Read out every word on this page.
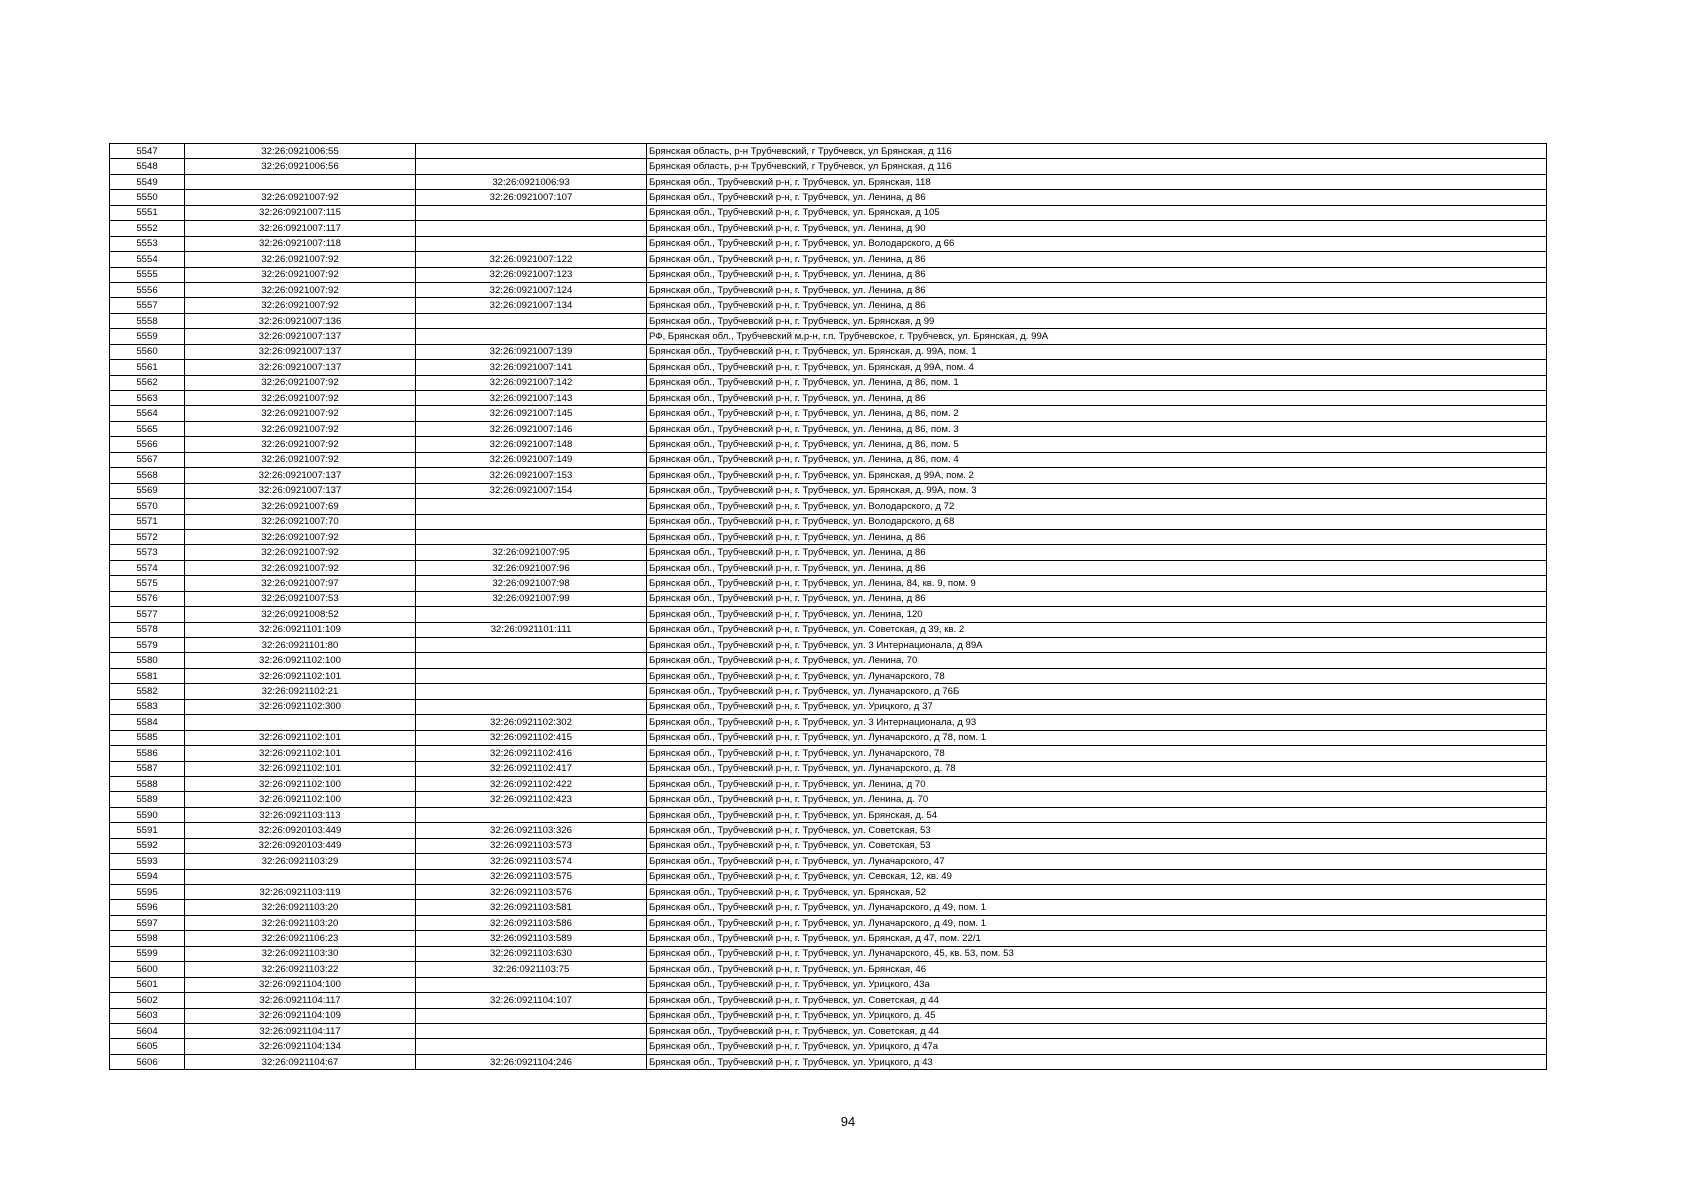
5547	32:26:0921006:55		Брянская область, р-н Трубчевский, г Трубчевск, ул Брянская, д 116
5548	32:26:0921006:56		Брянская область, р-н Трубчевский, г Трубчевск, ул Брянская, д 116
5549		32:26:0921006:93	Брянская обл., Трубчевский р-н, г. Трубчевск, ул. Брянская, 118
5550	32:26:0921007:92	32:26:0921007:107	Брянская обл., Трубчевский р-н, г. Трубчевск, ул. Ленина, д 86
5551	32:26:0921007:115		Брянская обл., Трубчевский р-н, г. Трубчевск, ул. Брянская, д 105
5552	32:26:0921007:117		Брянская обл., Трубчевский р-н, г. Трубчевск, ул. Ленина, д 90
5553	32:26:0921007:118		Брянская обл., Трубчевский р-н, г. Трубчевск, ул. Володарского, д 66
5554	32:26:0921007:92	32:26:0921007:122	Брянская обл., Трубчевский р-н, г. Трубчевск, ул. Ленина, д 86
5555	32:26:0921007:92	32:26:0921007:123	Брянская обл., Трубчевский р-н, г. Трубчевск, ул. Ленина, д 86
5556	32:26:0921007:92	32:26:0921007:124	Брянская обл., Трубчевский р-н, г. Трубчевск, ул. Ленина, д 86
5557	32:26:0921007:92	32:26:0921007:134	Брянская обл., Трубчевский р-н, г. Трубчевск, ул. Ленина, д 86
5558	32:26:0921007:136		Брянская обл., Трубчевский р-н, г. Трубчевск, ул. Брянская, д 99
5559	32:26:0921007:137		РФ, Брянская обл., Трубчевский м.р-н, г.п. Трубчевское, г. Трубчевск, ул. Брянская, д. 99А
5560	32:26:0921007:137	32:26:0921007:139	Брянская обл., Трубчевский р-н, г. Трубчевск, ул. Брянская, д. 99А, пом. 1
5561	32:26:0921007:137	32:26:0921007:141	Брянская обл., Трубчевский р-н, г. Трубчевск, ул. Брянская, д 99А, пом. 4
5562	32:26:0921007:92	32:26:0921007:142	Брянская обл., Трубчевский р-н, г. Трубчевск, ул. Ленина, д 86, пом. 1
5563	32:26:0921007:92	32:26:0921007:143	Брянская обл., Трубчевский р-н, г. Трубчевск, ул. Ленина, д 86
5564	32:26:0921007:92	32:26:0921007:145	Брянская обл., Трубчевский р-н, г. Трубчевск, ул. Ленина, д 86, пом. 2
5565	32:26:0921007:92	32:26:0921007:146	Брянская обл., Трубчевский р-н, г. Трубчевск, ул. Ленина, д 86, пом. 3
5566	32:26:0921007:92	32:26:0921007:148	Брянская обл., Трубчевский р-н, г. Трубчевск, ул. Ленина, д 86, пом. 5
5567	32:26:0921007:92	32:26:0921007:149	Брянская обл., Трубчевский р-н, г. Трубчевск, ул. Ленина, д 86, пом. 4
5568	32:26:0921007:137	32:26:0921007:153	Брянская обл., Трубчевский р-н, г. Трубчевск, ул. Брянская, д 99А, пом. 2
5569	32:26:0921007:137	32:26:0921007:154	Брянская обл., Трубчевский р-н, г. Трубчевск, ул. Брянская, д. 99А, пом. 3
5570	32:26:0921007:69		Брянская обл., Трубчевский р-н, г. Трубчевск, ул. Володарского, д 72
5571	32:26:0921007:70		Брянская обл., Трубчевский р-н, г. Трубчевск, ул. Володарского, д 68
5572	32:26:0921007:92		Брянская обл., Трубчевский р-н, г. Трубчевск, ул. Ленина, д 86
5573	32:26:0921007:92	32:26:0921007:95	Брянская обл., Трубчевский р-н, г. Трубчевск, ул. Ленина, д 86
5574	32:26:0921007:92	32:26:0921007:96	Брянская обл., Трубчевский р-н, г. Трубчевск, ул. Ленина, д 86
5575	32:26:0921007:97	32:26:0921007:98	Брянская обл., Трубчевский р-н, г. Трубчевск, ул. Ленина, 84, кв. 9, пом. 9
5576	32:26:0921007:53	32:26:0921007:99	Брянская обл., Трубчевский р-н, г. Трубчевск, ул. Ленина, д 86
5577	32:26:0921008:52		Брянская обл., Трубчевский р-н, г. Трубчевск, ул. Ленина, 120
5578	32:26:0921101:109	32:26:0921101:111	Брянская обл., Трубчевский р-н, г. Трубчевск, ул. Советская, д 39, кв. 2
5579	32:26:0921101:80		Брянская обл., Трубчевский р-н, г. Трубчевск, ул. 3 Интернационала, д 89А
5580	32:26:0921102:100		Брянская обл., Трубчевский р-н, г. Трубчевск, ул. Ленина, 70
5581	32:26:0921102:101		Брянская обл., Трубчевский р-н, г. Трубчевск, ул. Луначарского, 78
5582	32:26:0921102:21		Брянская обл., Трубчевский р-н, г. Трубчевск, ул. Луначарского, д 76Б
5583	32:26:0921102:300		Брянская обл., Трубчевский р-н, г. Трубчевск, ул. Урицкого, д 37
5584		32:26:0921102:302	Брянская обл., Трубчевский р-н, г. Трубчевск, ул. 3 Интернационала, д 93
5585	32:26:0921102:101	32:26:0921102:415	Брянская обл., Трубчевский р-н, г. Трубчевск, ул. Луначарского, д 78, пом. 1
5586	32:26:0921102:101	32:26:0921102:416	Брянская обл., Трубчевский р-н, г. Трубчевск, ул. Луначарского, 78
5587	32:26:0921102:101	32:26:0921102:417	Брянская обл., Трубчевский р-н, г. Трубчевск, ул. Луначарского, д. 78
5588	32:26:0921102:100	32:26:0921102:422	Брянская обл., Трубчевский р-н, г. Трубчевск, ул. Ленина, д 70
5589	32:26:0921102:100	32:26:0921102:423	Брянская обл., Трубчевский р-н, г. Трубчевск, ул. Ленина, д. 70
5590	32:26:0921103:113		Брянская обл., Трубчевский р-н, г. Трубчевск, ул. Брянская, д. 54
5591	32:26:0920103:449	32:26:0921103:326	Брянская обл., Трубчевский р-н, г. Трубчевск, ул. Советская, 53
5592	32:26:0920103:449	32:26:0921103:573	Брянская обл., Трубчевский р-н, г. Трубчевск, ул. Советская, 53
5593	32:26:0921103:29	32:26:0921103:574	Брянская обл., Трубчевский р-н, г. Трубчевск, ул. Луначарского, 47
5594		32:26:0921103:575	Брянская обл., Трубчевский р-н, г. Трубчевск, ул. Севская, 12, кв. 49
5595	32:26:0921103:119	32:26:0921103:576	Брянская обл., Трубчевский р-н, г. Трубчевск, ул. Брянская, 52
5596	32:26:0921103:20	32:26:0921103:581	Брянская обл., Трубчевский р-н, г. Трубчевск, ул. Луначарского, д 49, пом. 1
5597	32:26:0921103:20	32:26:0921103:586	Брянская обл., Трубчевский р-н, г. Трубчевск, ул. Луначарского, д 49, пом. 1
5598	32:26:0921106:23	32:26:0921103:589	Брянская обл., Трубчевский р-н, г. Трубчевск, ул. Брянская, д 47, пом. 22/1
5599	32:26:0921103:30	32:26:0921103:630	Брянская обл., Трубчевский р-н, г. Трубчевск, ул. Луначарского, 45, кв. 53, пом. 53
5600	32:26:0921103:22	32:26:0921103:75	Брянская обл., Трубчевский р-н, г. Трубчевск, ул. Брянская, 46
5601	32:26:0921104:100		Брянская обл., Трубчевский р-н, г. Трубчевск, ул. Урицкого, 43а
5602	32:26:0921104:117	32:26:0921104:107	Брянская обл., Трубчевский р-н, г. Трубчевск, ул. Советская, д 44
5603	32:26:0921104:109		Брянская обл., Трубчевский р-н, г. Трубчевск, ул. Урицкого, д. 45
5604	32:26:0921104:117		Брянская обл., Трубчевский р-н, г. Трубчевск, ул. Советская, д 44
5605	32:26:0921104:134		Брянская обл., Трубчевский р-н, г. Трубчевск, ул. Урицкого, д 47а
5606	32:26:0921104:67	32:26:0921104:246	Брянская обл., Трубчевский р-н, г. Трубчевск, ул. Урицкого, д 43
94
